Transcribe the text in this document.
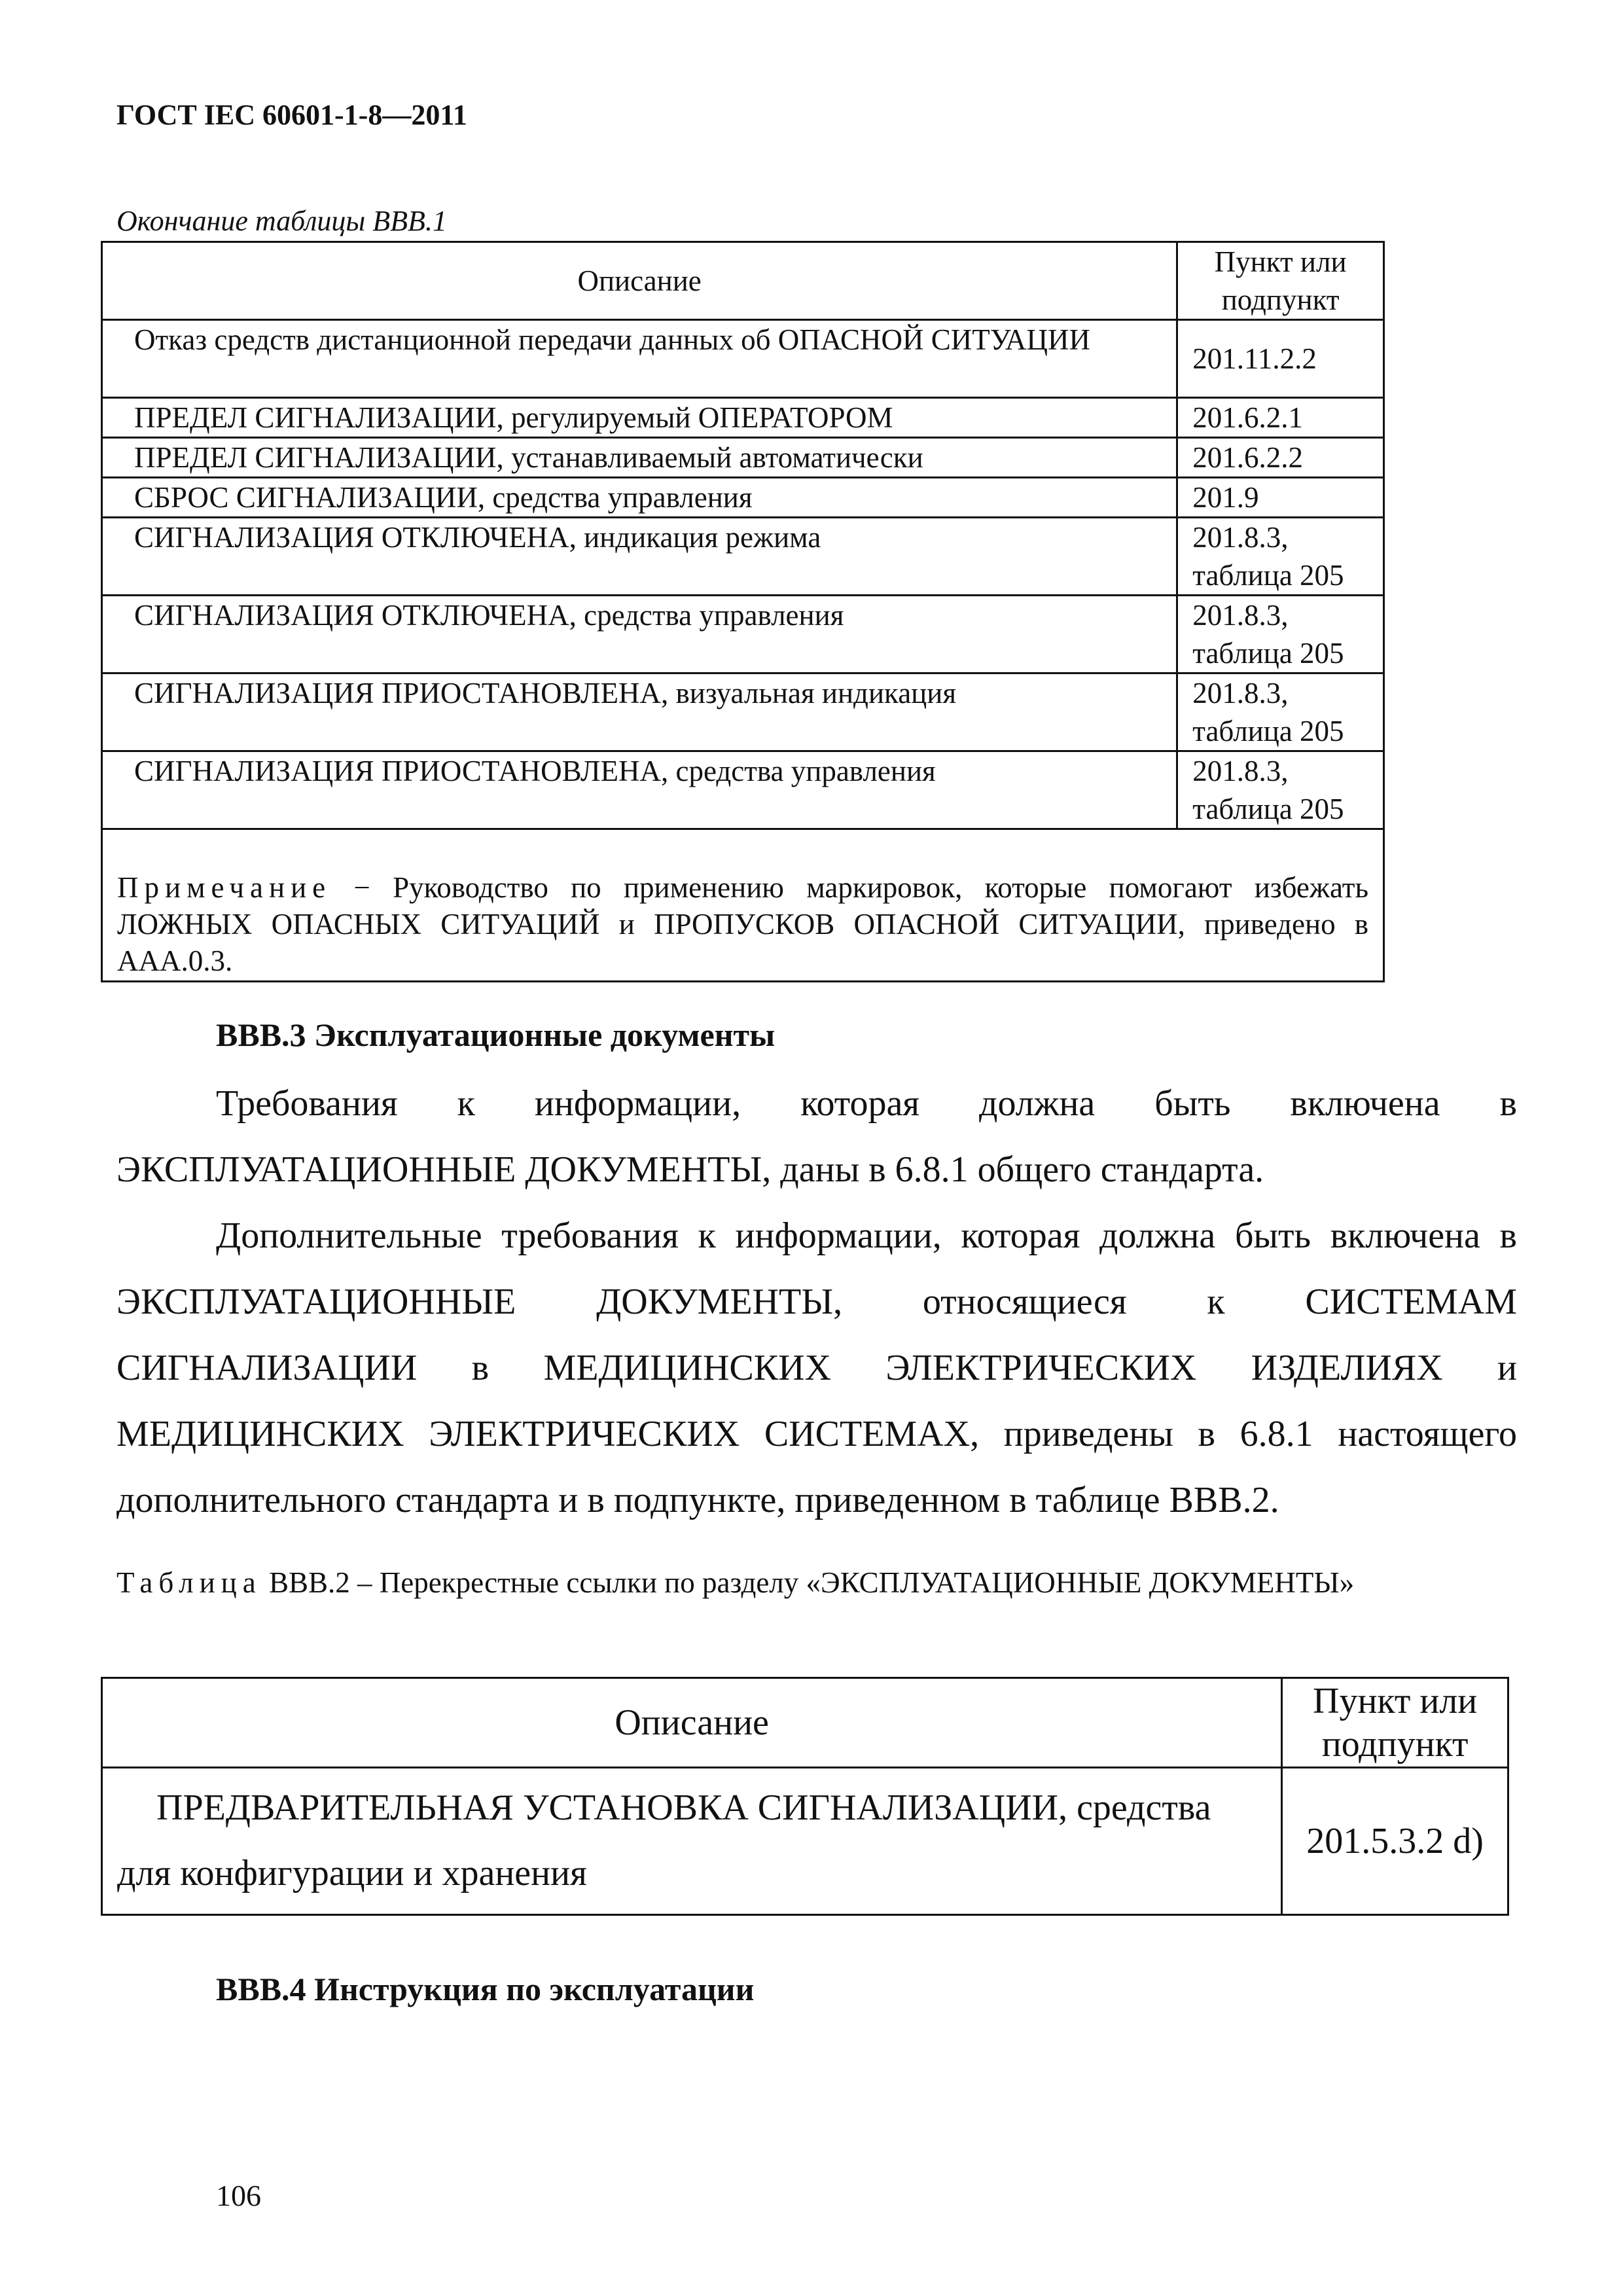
ГОСТ IEC 60601-1-8—2011
Окончание таблицы ВВВ.1
Описание	Пункт или
подпункт

Отказ средств дистанционной передачи данных об ОПАСНОЙ СИТУАЦИИ	201.11.2.2
ПРЕДЕЛ СИГНАЛИЗАЦИИ, регулируемый ОПЕРАТОРОМ	201.6.2.1
ПРЕДЕЛ СИГНАЛИЗАЦИИ, устанавливаемый автоматически	201.6.2.2
СБРОС СИГНАЛИЗАЦИИ, средства управления	201.9
СИГНАЛИЗАЦИЯ ОТКЛЮЧЕНА, индикация режима	201.8.3,
таблица 205

СИГНАЛИЗАЦИЯ ОТКЛЮЧЕНА, средства управления	201.8.3,
таблица 205

СИГНАЛИЗАЦИЯ ПРИОСТАНОВЛЕНА, визуальная индикация	201.8.3,
таблица 205

СИГНАЛИЗАЦИЯ ПРИОСТАНОВЛЕНА, средства управления	201.8.3,
таблица 205

Примечание − Руководство по применению маркировок, которые помогают избежать ЛОЖНЫХ ОПАСНЫХ СИТУАЦИЙ и ПРОПУСКОВ ОПАСНОЙ СИТУАЦИИ, приведено в ААА.0.3.	
ВВВ.3 Эксплуатационные документы
Требования к информации, которая должна быть включена в ЭКСПЛУАТАЦИОННЫЕ ДОКУМЕНТЫ, даны в 6.8.1 общего стандарта.
Дополнительные требования к информации, которая должна быть включена в ЭКСПЛУАТАЦИОННЫЕ ДОКУМЕНТЫ, относящиеся к СИСТЕМАМ СИГНАЛИЗАЦИИ в МЕДИЦИНСКИХ ЭЛЕКТРИЧЕСКИХ ИЗДЕЛИЯХ и МЕДИЦИНСКИХ ЭЛЕКТРИЧЕСКИХ СИСТЕМАХ, приведены в 6.8.1 настоящего дополнительного стандарта и в подпункте, приведенном в таблице ВВВ.2.
Таблица ВВВ.2 – Перекрестные ссылки по разделу «ЭКСПЛУАТАЦИОННЫЕ ДОКУМЕНТЫ»
Описание	Пункт или
подпункт

ПРЕДВАРИТЕЛЬНАЯ УСТАНОВКА СИГНАЛИЗАЦИИ, средства
для конфигурации и хранения	201.5.3.2 d)
ВВВ.4 Инструкция по эксплуатации
106
